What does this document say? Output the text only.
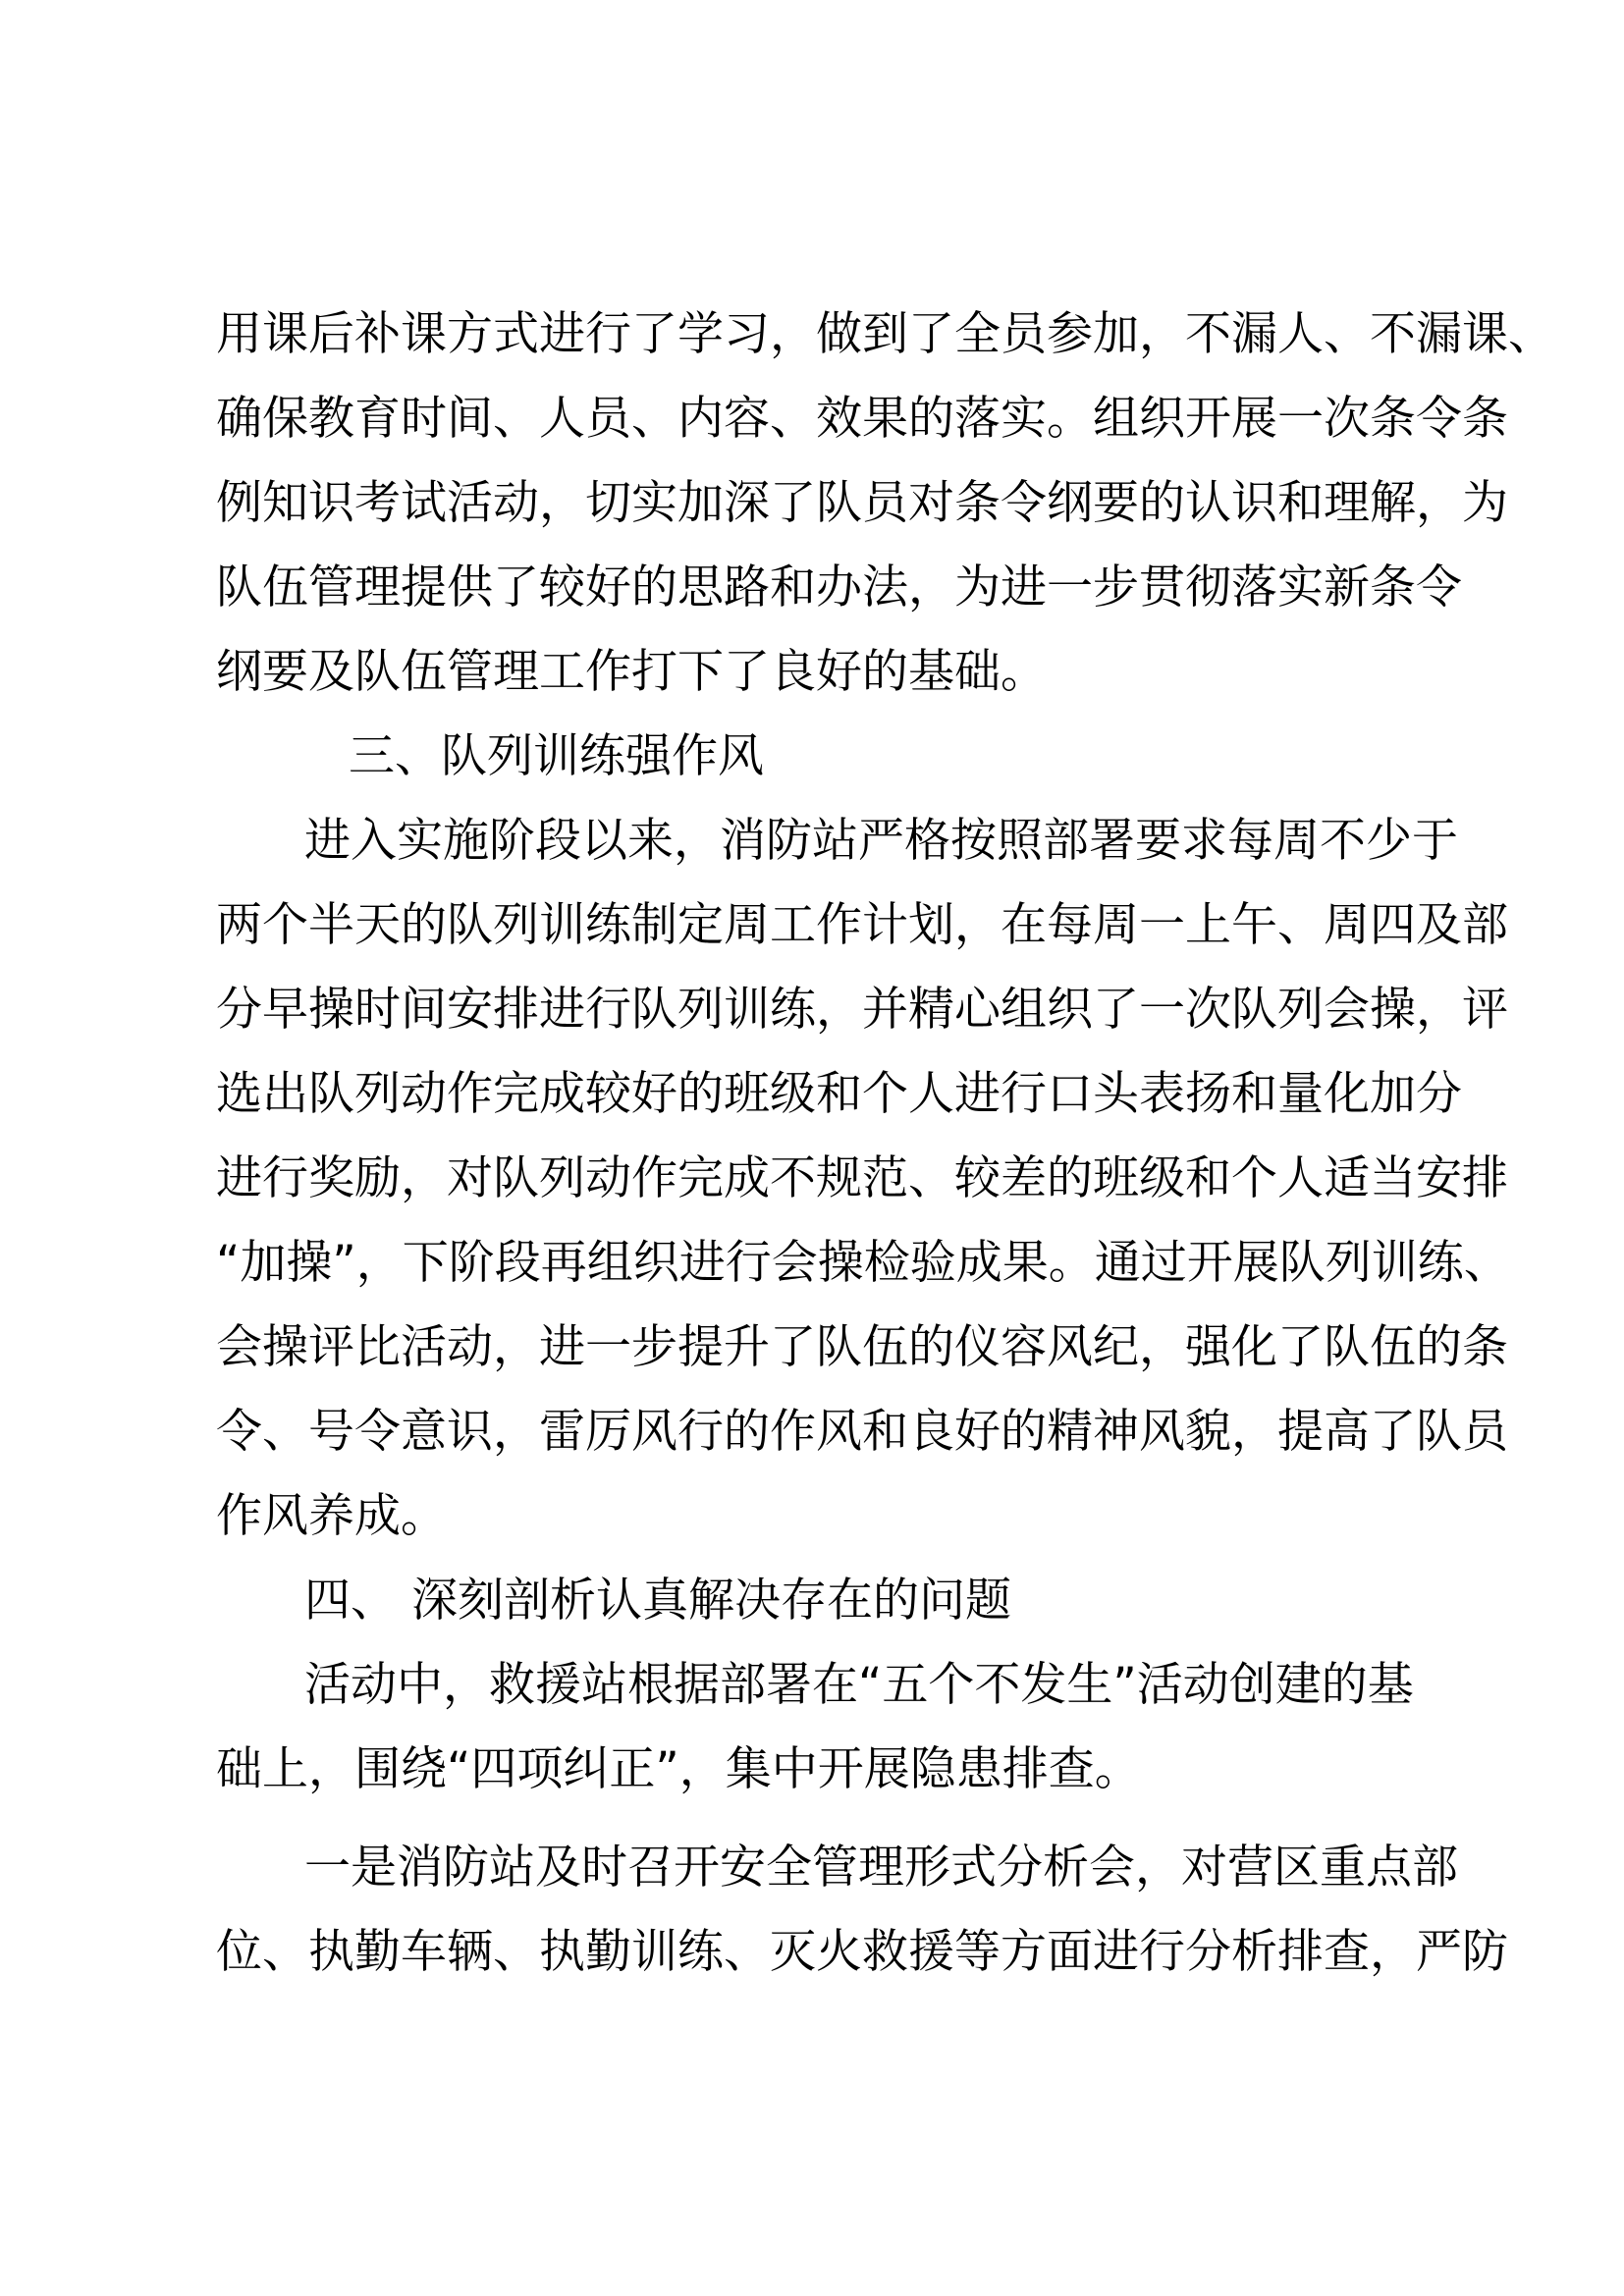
用课后补课方式进行了学习，做到了全员参加，不漏人、不漏课、
确保教育时间、人员、内容、效果的落实。组织开展一次条令条
例知识考试活动，切实加深了队员对条令纲要的认识和理解，为
队伍管理提供了较好的思路和办法，为进一步贯彻落实新条令
纲要及队伍管理工作打下了良好的基础。
三、队列训练强作风
进入实施阶段以来，消防站严格按照部署要求每周不少于
两个半天的队列训练制定周工作计划，在每周一上午、周四及部
分早操时间安排进行队列训练，并精心组织了一次队列会操，评
选出队列动作完成较好的班级和个人进行口头表扬和量化加分
进行奖励，对队列动作完成不规范、较差的班级和个人适当安排
“加操”，下阶段再组织进行会操检验成果。通过开展队列训练、
会操评比活动，进一步提升了队伍的仪容风纪，强化了队伍的条
令、号令意识，雷厉风行的作风和良好的精神风貌，提高了队员
作风养成。
四、 深刻剖析认真解决存在的问题
活动中，救援站根据部署在“五个不发生”活动创建的基
础上，围绕“四项纠正”，集中开展隐患排查。
一是消防站及时召开安全管理形式分析会，对营区重点部
位、执勤车辆、执勤训练、灭火救援等方面进行分析排查，严防
